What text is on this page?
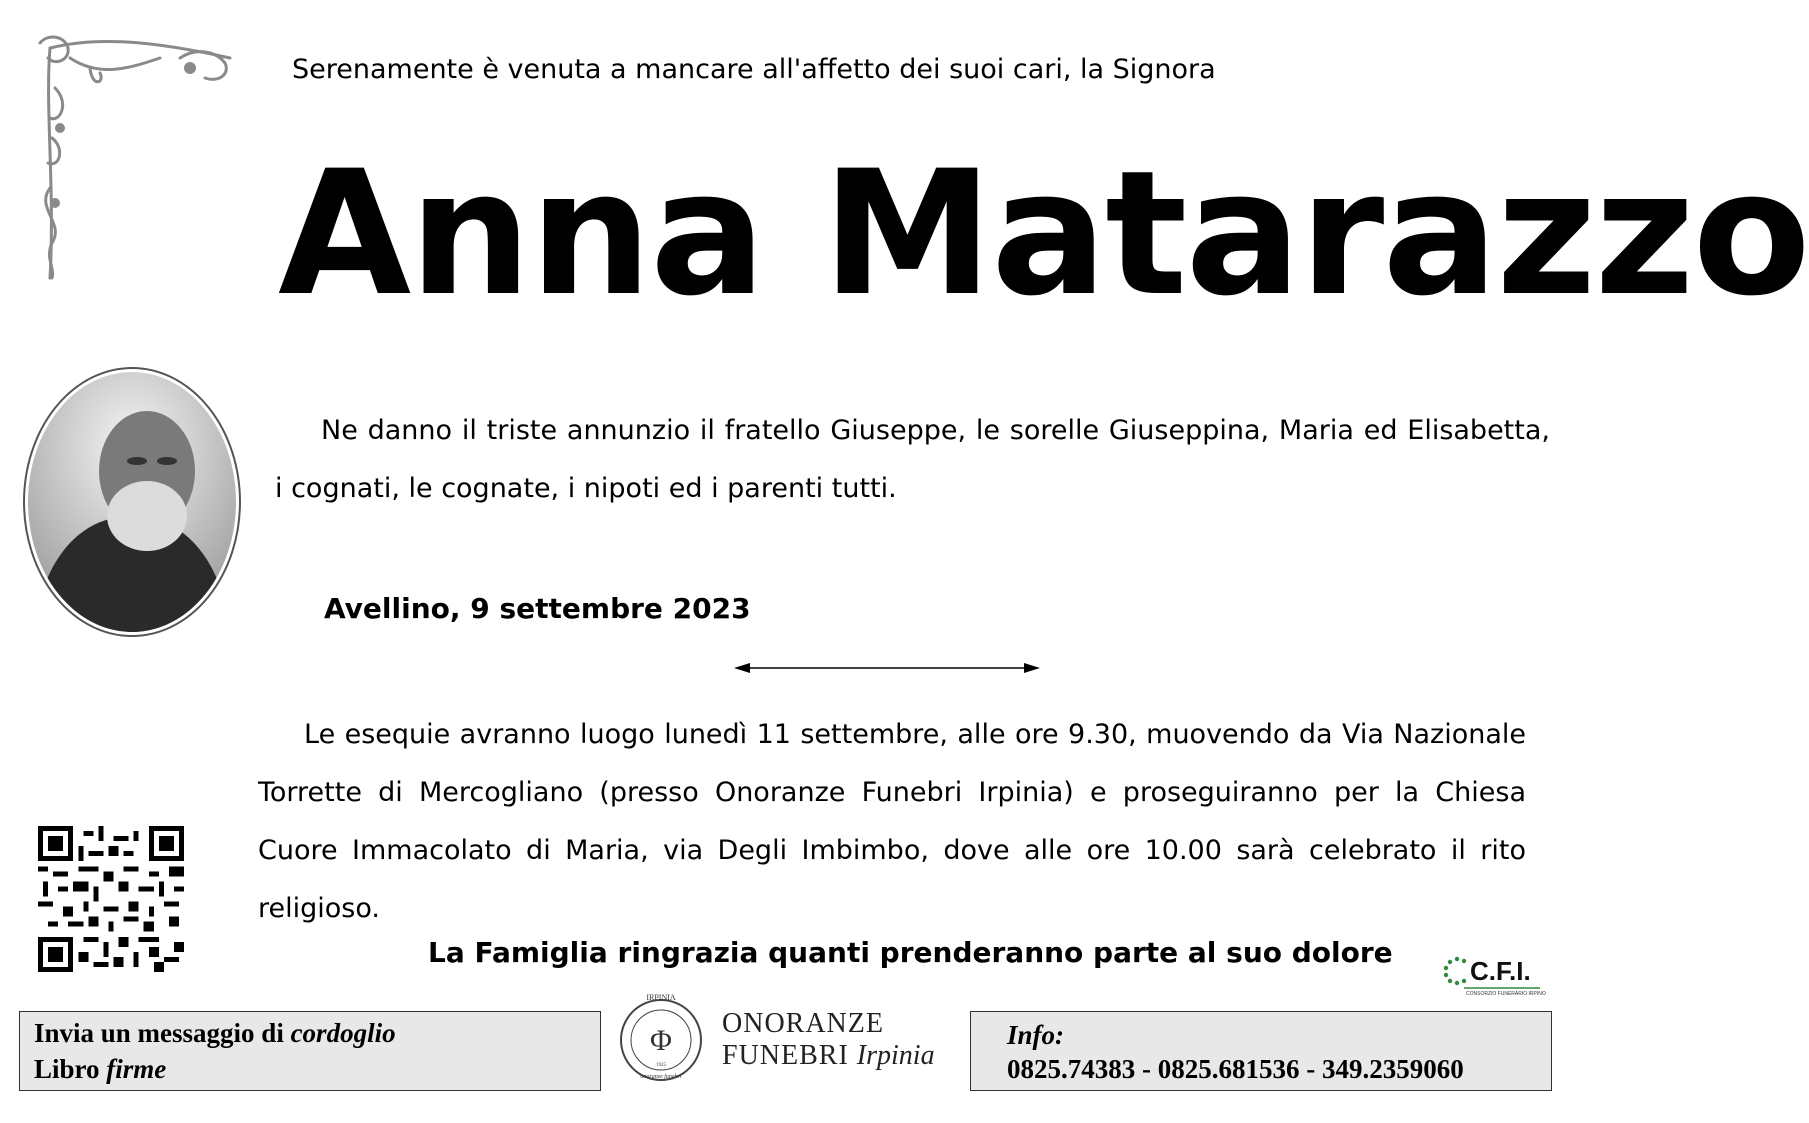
Serenamente è venuta a mancare all'affetto dei suoi cari, la Signora
Anna Matarazzo
Ne danno il triste annunzio il fratello Giuseppe, le sorelle Giuseppina, Maria ed Elisabetta, i cognati, le cognate, i nipoti ed i parenti tutti.
Avellino, 9 settembre 2023
Le esequie avranno luogo lunedì 11 settembre, alle ore 9.30, muovendo da Via Nazionale Torrette di Mercogliano (presso Onoranze Funebri Irpinia) e proseguiranno per la Chiesa Cuore Immacolato di Maria, via Degli Imbimbo, dove alle ore 10.00 sarà celebrato il rito religioso.
La Famiglia ringrazia quanti prenderanno parte al suo dolore
C.F.I.
CONSORZIO FUNERARIO IRPINO
Invia un messaggio di cordoglio
Libro firme
IRPINIA
Φ
1925
onoranze funebri
ONORANZE
FUNEBRI Irpinia
Info:
0825.74383 - 0825.681536 - 349.2359060
